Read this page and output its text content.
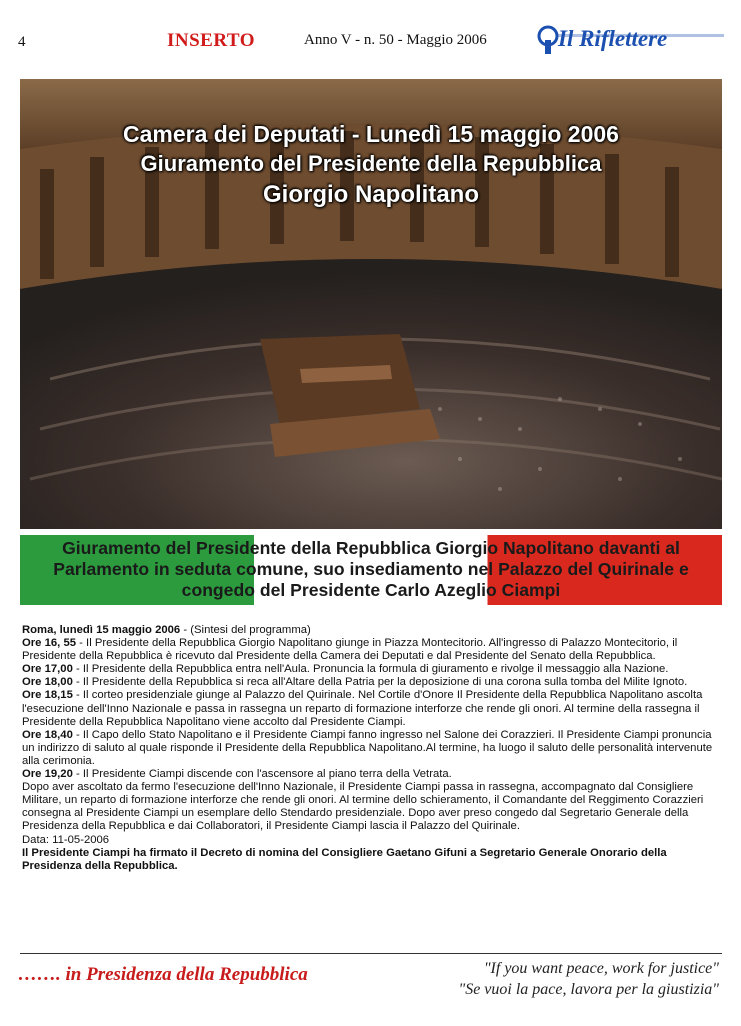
4	INSERTO	Anno V - n. 50 - Maggio 2006	Il Riflettere
Camera dei Deputati - Lunedì 15 maggio 2006
Giuramento del Presidente della Repubblica
Giorgio Napolitano
Giuramento del Presidente della Repubblica Giorgio Napolitano davanti al Parlamento in seduta comune, suo insediamento nel Palazzo del Quirinale e congedo del Presidente Carlo Azeglio Ciampi

Roma, lunedì 15 maggio 2006 - (Sintesi del programma)

Ore 16, 55 - Il Presidente della Repubblica Giorgio Napolitano giunge in Piazza Montecitorio. All'ingresso di Palazzo Montecitorio, il Presidente della Repubblica è ricevuto dal Presidente della Camera dei Deputati e dal Presidente del Senato della Repubblica.

Ore 17,00 - Il Presidente della Repubblica entra nell'Aula. Pronuncia la formula di giuramento e rivolge il messaggio alla Nazione.

Ore 18,00 - Il Presidente della Repubblica si reca all'Altare della Patria per la deposizione di una corona sulla tomba del Milite Ignoto.

Ore 18,15 - Il corteo presidenziale giunge al Palazzo del Quirinale. Nel Cortile d'Onore Il Presidente della Repubblica Napolitano ascolta l'esecuzione dell'Inno Nazionale e passa in rassegna un reparto di formazione interforze che rende gli onori. Al termine della rassegna il Presidente della Repubblica Napolitano viene accolto dal Presidente Ciampi.

Ore 18,40 - Il Capo dello Stato Napolitano e il Presidente Ciampi fanno ingresso nel Salone dei Corazzieri. Il Presidente Ciampi pronuncia un indirizzo di saluto al quale risponde il Presidente della Repubblica Napolitano.Al termine, ha luogo il saluto delle personalità intervenute alla cerimonia.

Ore 19,20 - Il Presidente Ciampi discende con l'ascensore al piano terra della Vetrata.

Dopo aver ascoltato da fermo l'esecuzione dell'Inno Nazionale, il Presidente Ciampi passa in rassegna, accompagnato dal Consigliere Militare, un reparto di formazione interforze che rende gli onori. Al termine dello schieramento, il Comandante del Reggimento Corazzieri consegna al Presidente Ciampi un esemplare dello Stendardo presidenziale. Dopo aver preso congedo dal Segretario Generale della Presidenza della Repubblica e dai Collaboratori, il Presidente Ciampi lascia il Palazzo del Quirinale.

Data: 11-05-2006

Il Presidente Ciampi ha firmato il Decreto di nomina del Consigliere Gaetano Gifuni a Segretario Generale Onorario della Presidenza della Repubblica.

……. in Presidenza della Repubblica	"If you want peace, work for justice"
"Se vuoi la pace, lavora per la giustizia"
